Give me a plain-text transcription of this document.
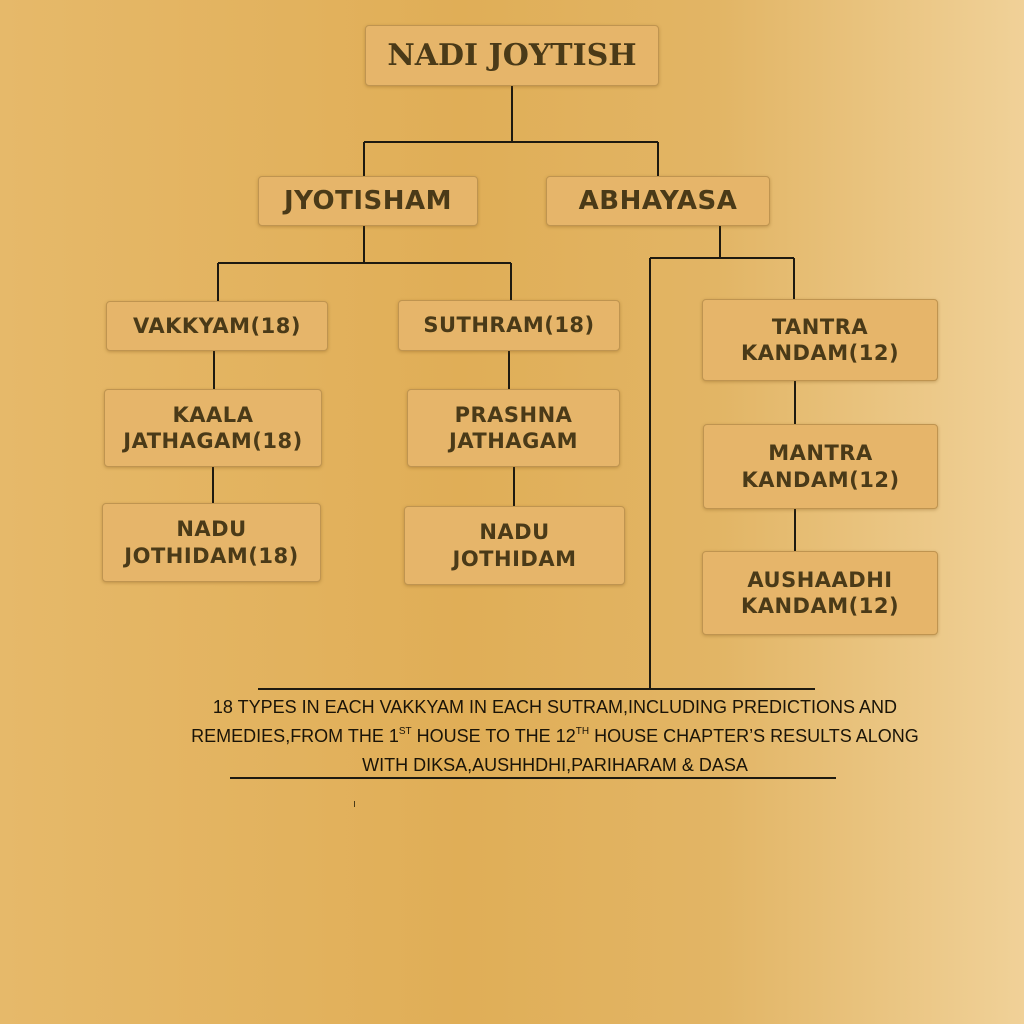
NADI JOYTISH
JYOTISHAM	ABHAYASA
VAKKYAM(18)	SUTHRAM(18)	TANTRA
KANDAM(12)
KAALA
JATHAGAM(18)
PRASHNA
JATHAGAM
MANTRA
KANDAM(12)
NADU
JOTHIDAM(18)
NADU
JOTHIDAM
AUSHAADHI
KANDAM(12)
18 TYPES IN EACH VAKKYAM IN EACH SUTRAM,INCLUDING PREDICTIONS AND
REMEDIES,FROM THE 1ST HOUSE TO THE 12TH HOUSE CHAPTER’S RESULTS ALONG
WITH DIKSA,AUSHHDHI,PARIHARAM & DASA
